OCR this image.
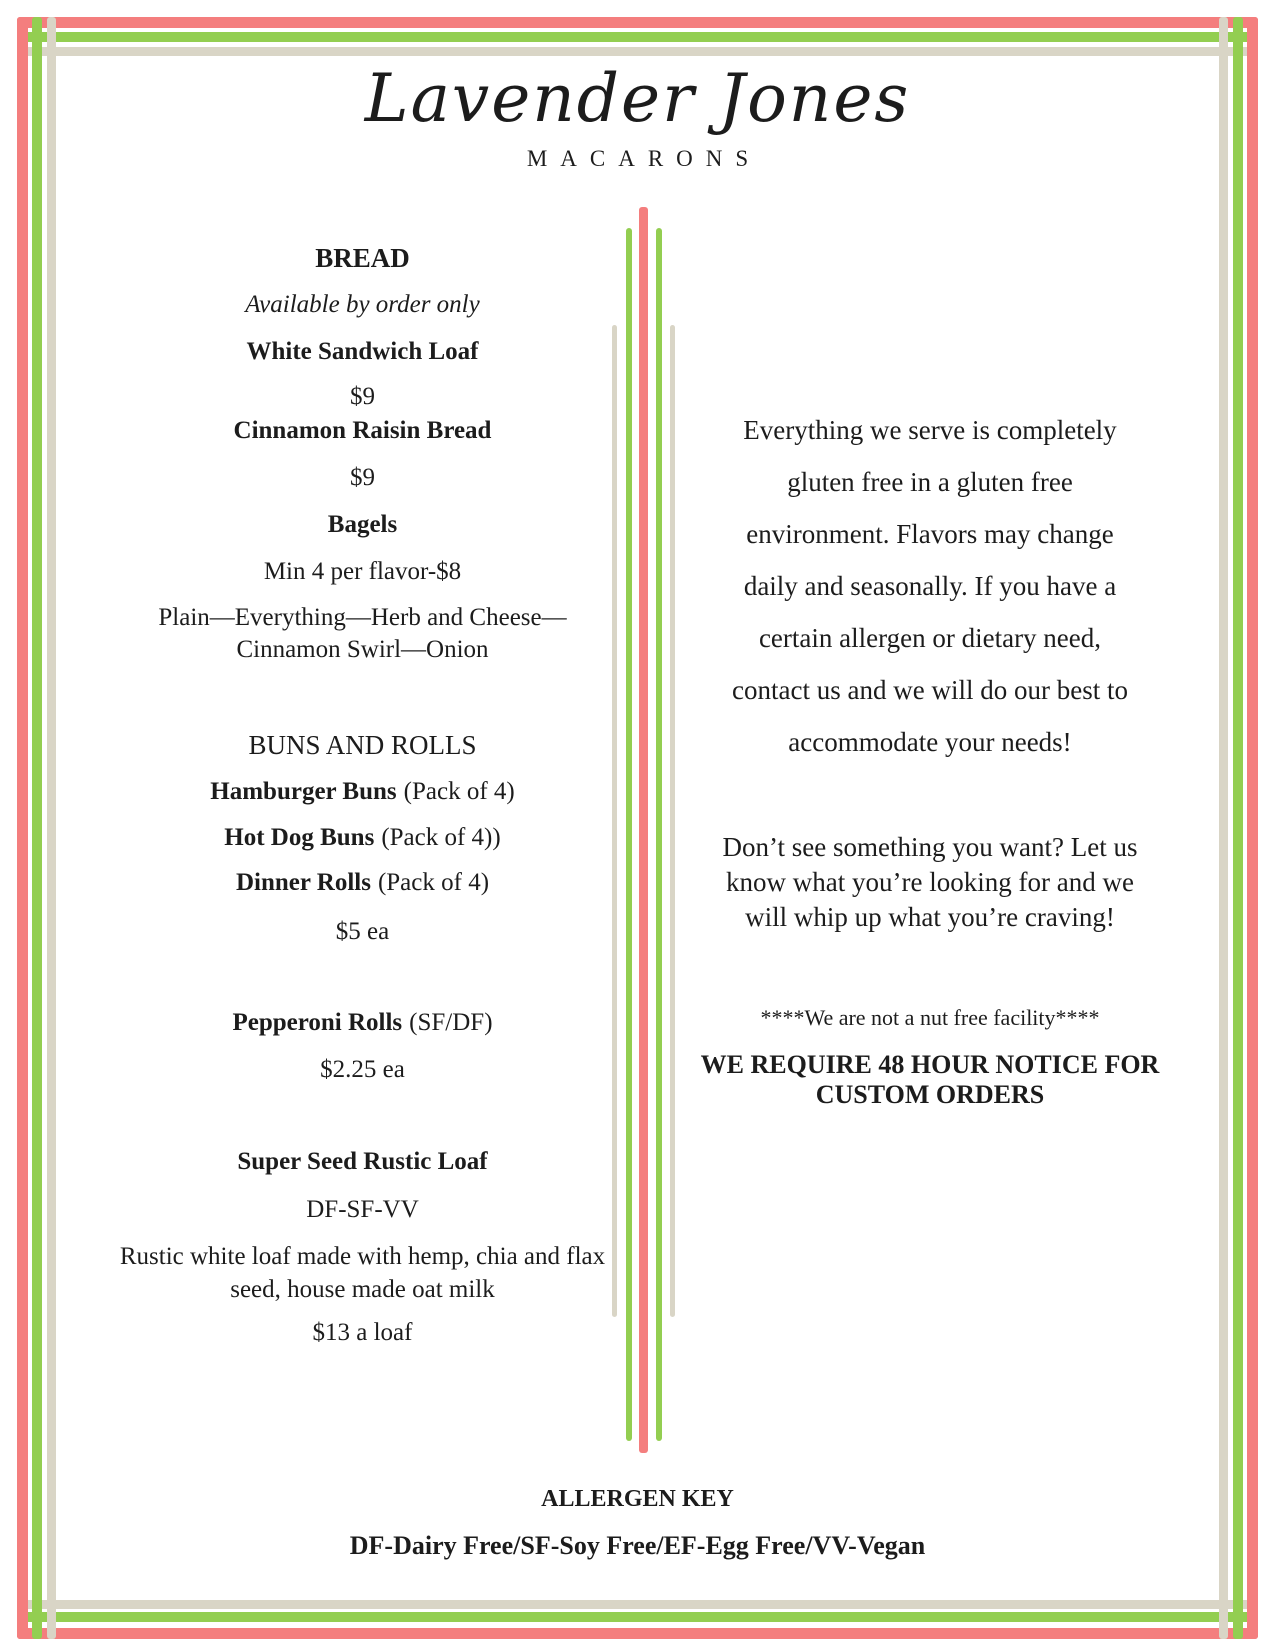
Lavender Jones
MACARONS
BREAD
Available by order only
White Sandwich Loaf
$9
Cinnamon Raisin Bread
$9
Bagels
Min 4 per flavor-$8
Plain—Everything—Herb and Cheese—
Cinnamon Swirl—Onion
BUNS AND ROLLS
Hamburger Buns (Pack of 4)
Hot Dog Buns (Pack of 4))
Dinner Rolls (Pack of 4)
$5 ea
Pepperoni Rolls (SF/DF)
$2.25 ea
Super Seed Rustic Loaf
DF-SF-VV
Rustic white loaf made with hemp, chia and flax
seed, house made oat milk
$13 a loaf
Everything we serve is completely
gluten free in a gluten free
environment. Flavors may change
daily and seasonally. If you have a
certain allergen or dietary need,
contact us and we will do our best to
accommodate your needs!
Don’t see something you want? Let us
know what you’re looking for and we
will whip up what you’re craving!
****We are not a nut free facility****
WE REQUIRE 48 HOUR NOTICE FOR
CUSTOM ORDERS
ALLERGEN KEY
DF-Dairy Free/SF-Soy Free/EF-Egg Free/VV-Vegan
